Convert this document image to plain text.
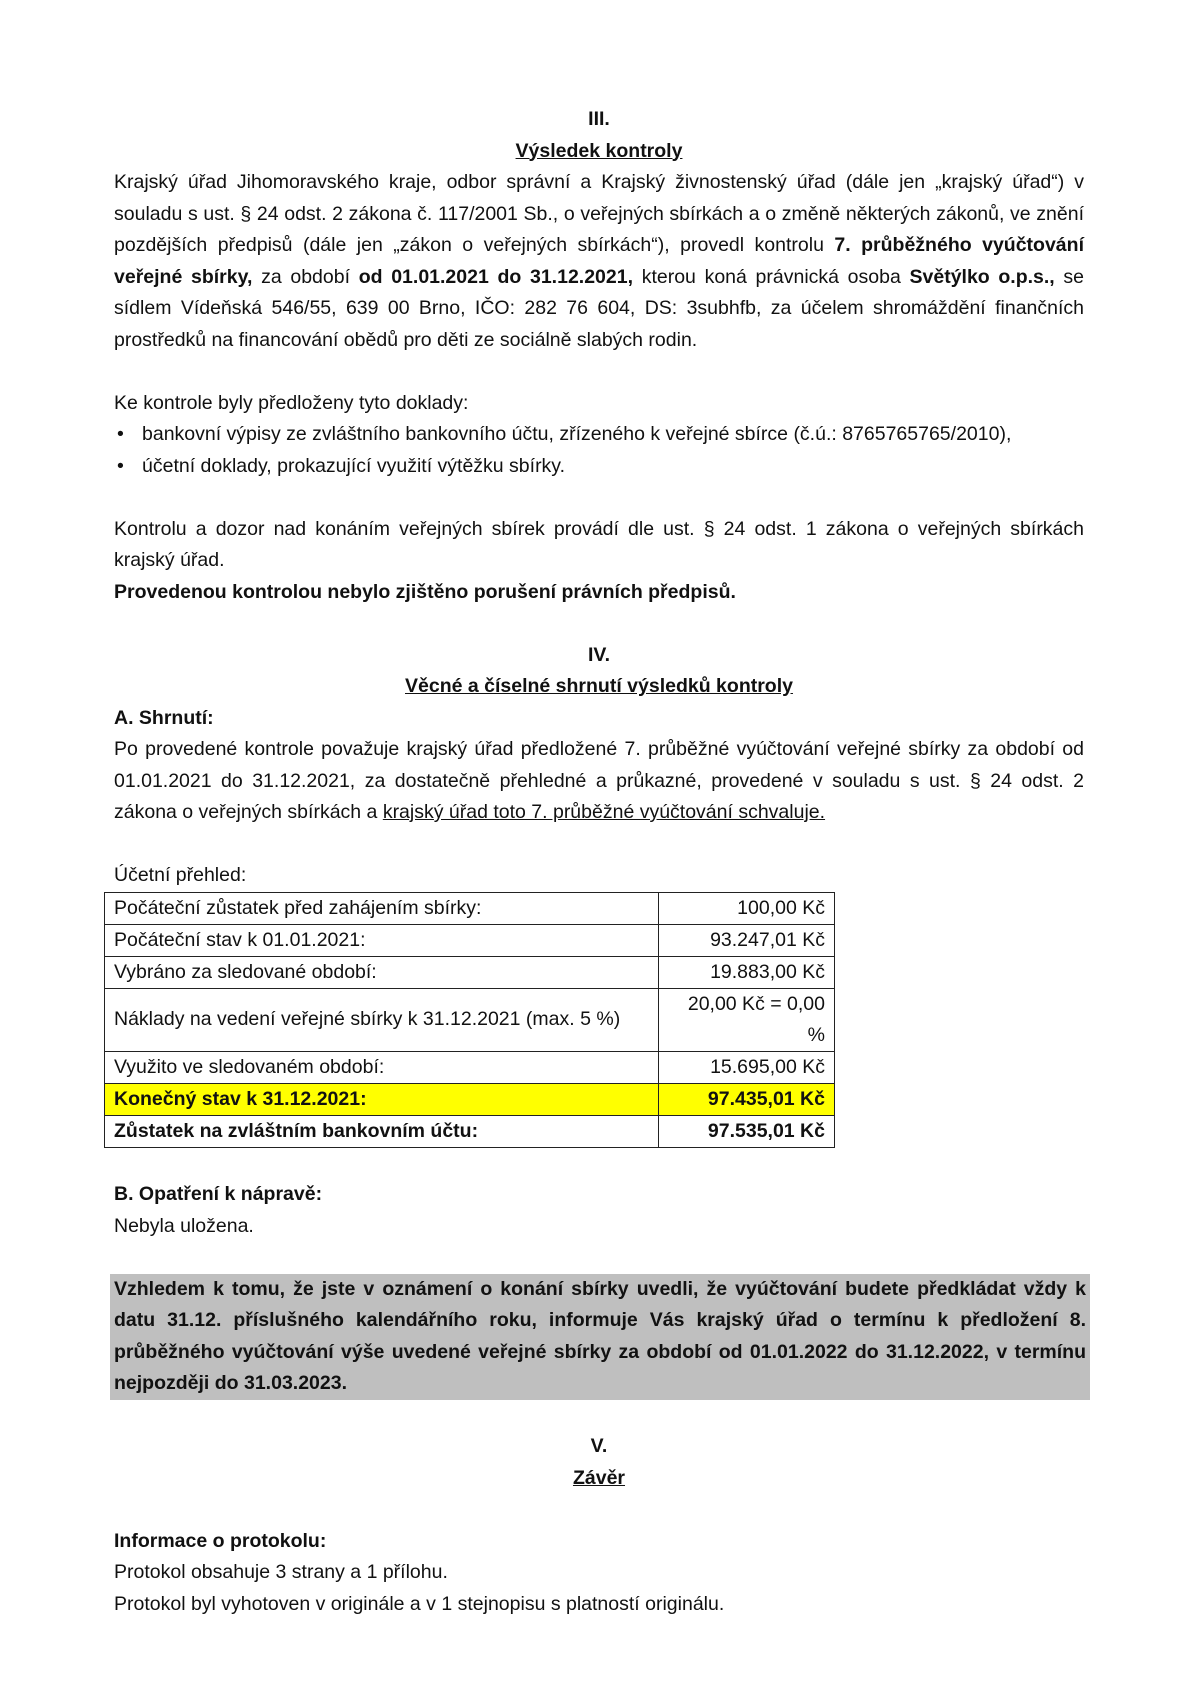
III.

Výsledek kontroly

Krajský úřad Jihomoravského kraje, odbor správní a Krajský živnostenský úřad (dále jen „krajský úřad“) v souladu s ust. § 24 odst. 2 zákona č. 117/2001 Sb., o veřejných sbírkách a o změně některých zákonů, ve znění pozdějších předpisů (dále jen „zákon o veřejných sbírkách“), provedl kontrolu 7. průběžného vyúčtování veřejné sbírky, za období od 01.01.2021 do 31.12.2021, kterou koná právnická osoba Světýlko o.p.s., se sídlem Vídeňská 546/55, 639 00 Brno, IČO: 282 76 604, DS: 3subhfb, za účelem shromáždění finančních prostředků na financování obědů pro děti ze sociálně slabých rodin.

Ke kontrole byly předloženy tyto doklady:

• bankovní výpisy ze zvláštního bankovního účtu, zřízeného k veřejné sbírce (č.ú.: 8765765765/2010),
• účetní doklady, prokazující využití výtěžku sbírky.

Kontrolu a dozor nad konáním veřejných sbírek provádí dle ust. § 24 odst. 1 zákona o veřejných sbírkách krajský úřad.

Provedenou kontrolou nebylo zjištěno porušení právních předpisů.

IV.

Věcné a číselné shrnutí výsledků kontroly

A. Shrnutí:

Po provedené kontrole považuje krajský úřad předložené 7. průběžné vyúčtování veřejné sbírky za období od 01.01.2021 do 31.12.2021, za dostatečně přehledné a průkazné, provedené v souladu s ust. § 24 odst. 2 zákona o veřejných sbírkách a krajský úřad toto 7. průběžné vyúčtování schvaluje.

Účetní přehled:

Počáteční zůstatek před zahájením sbírky:	100,00 Kč
Počáteční stav k 01.01.2021:	93.247,01 Kč
Vybráno za sledované období:	19.883,00 Kč
Náklady na vedení veřejné sbírky k 31.12.2021 (max. 5 %)	20,00 Kč = 0,00 %
Využito ve sledovaném období:	15.695,00 Kč
Konečný stav k 31.12.2021:	97.435,01 Kč
Zůstatek na zvláštním bankovním účtu:	97.535,01 Kč

B. Opatření k nápravě:

Nebyla uložena.

Vzhledem k tomu, že jste v oznámení o konání sbírky uvedli, že vyúčtování budete předkládat vždy k datu 31.12. příslušného kalendářního roku, informuje Vás krajský úřad o termínu k předložení 8. průběžného vyúčtování výše uvedené veřejné sbírky za období od 01.01.2022 do 31.12.2022, v termínu nejpozději do 31.03.2023.

V.

Závěr

Informace o protokolu:

Protokol obsahuje 3 strany a 1 přílohu.

Protokol byl vyhotoven v originále a v 1 stejnopisu s platností originálu.
